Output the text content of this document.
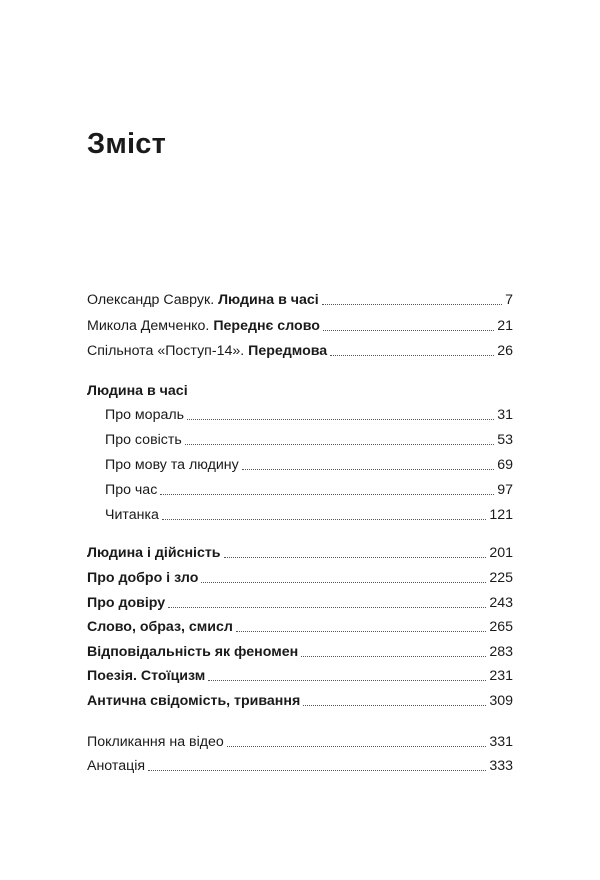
Зміст
Олександр Саврук. Людина в часі	7
Микола Демченко. Переднє слово	21
Спільнота «Поступ-14». Передмова	26
Людина в часі
Про мораль	31
Про совість	53
Про мову та людину	69
Про час	97
Читанка	121
Людина і дійсність	201
Про добро і зло	225
Про довіру	243
Слово, образ, смисл	265
Відповідальність як феномен	283
Поезія. Стоїцизм	231
Антична свідомість, тривання	309
Покликання на відео	331
Анотація	333
